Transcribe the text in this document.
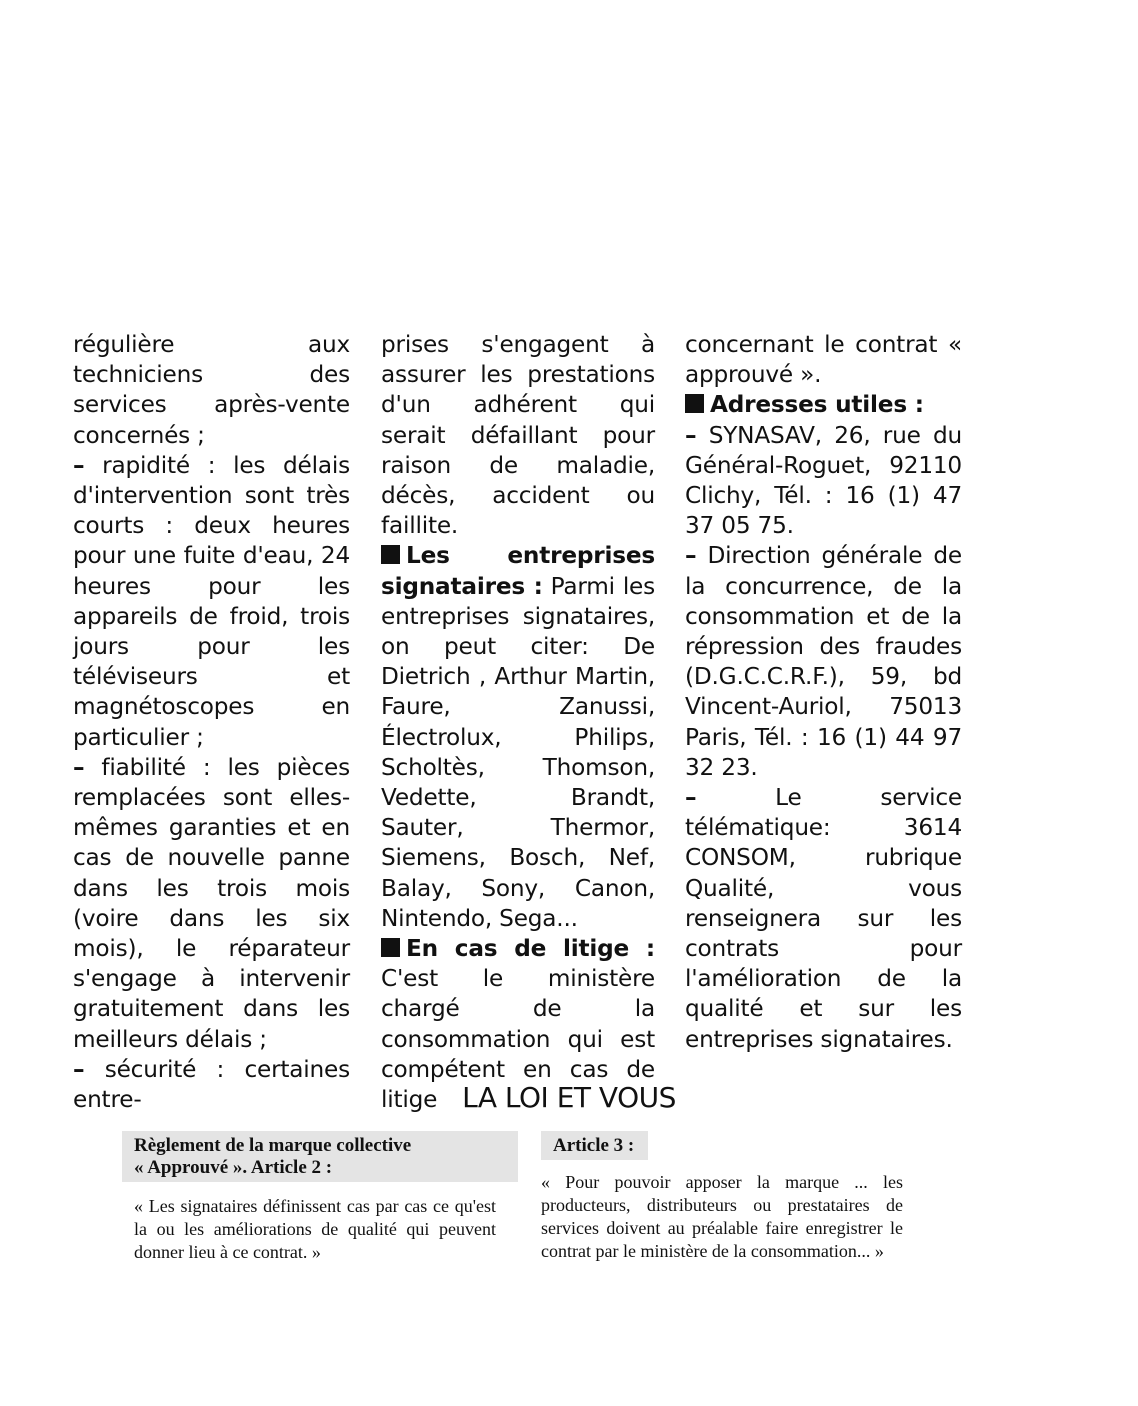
régulière aux techniciens des services après-vente concernés ;

– rapidité : les délais d'intervention sont très courts : deux heures pour une fuite d'eau, 24 heures pour les appareils de froid, trois jours pour les téléviseurs et magnétoscopes en particulier ;

– fiabilité : les pièces remplacées sont elles-mêmes garanties et en cas de nouvelle panne dans les trois mois (voire dans les six mois), le réparateur s'engage à intervenir gratuitement dans les meilleurs délais ;

– sécurité : certaines entre-

prises s'engagent à assurer les prestations d'un adhérent qui serait défaillant pour raison de maladie, décès, accident ou faillite.

Les entreprises signataires : Parmi les entreprises signataires, on peut citer: De Dietrich , Arthur Martin, Faure, Zanussi, Électrolux, Philips, Scholtès, Thomson, Vedette, Brandt, Sauter, Thermor, Siemens, Bosch, Nef, Balay, Sony, Canon, Nintendo, Sega...

En cas de litige : C'est le ministère chargé de la consommation qui est compétent en cas de litige

concernant le contrat « approuvé ».

Adresses utiles :

– SYNASAV, 26, rue du Général-Roguet, 92110 Clichy, Tél. : 16 (1) 47 37 05 75.

– Direction générale de la concurrence, de la consommation et de la répression des fraudes (D.G.C.C.R.F.), 59, bd Vincent-Auriol, 75013 Paris, Tél. : 16 (1) 44 97 32 23.

– Le service télématique: 3614 CONSOM, rubrique Qualité, vous renseignera sur les contrats pour l'amélioration de la qualité et sur les entreprises signataires.

LA LOI ET VOUS
Règlement de la marque collective
« Approuvé ». Article 2 :
« Les signataires définissent cas par cas ce qu'est la ou les améliorations de qualité qui peuvent donner lieu à ce contrat. »
Article 3 :
« Pour pouvoir apposer la marque ... les producteurs, distributeurs ou prestataires de services doivent au préalable faire enregistrer le contrat par le ministère de la consommation... »
